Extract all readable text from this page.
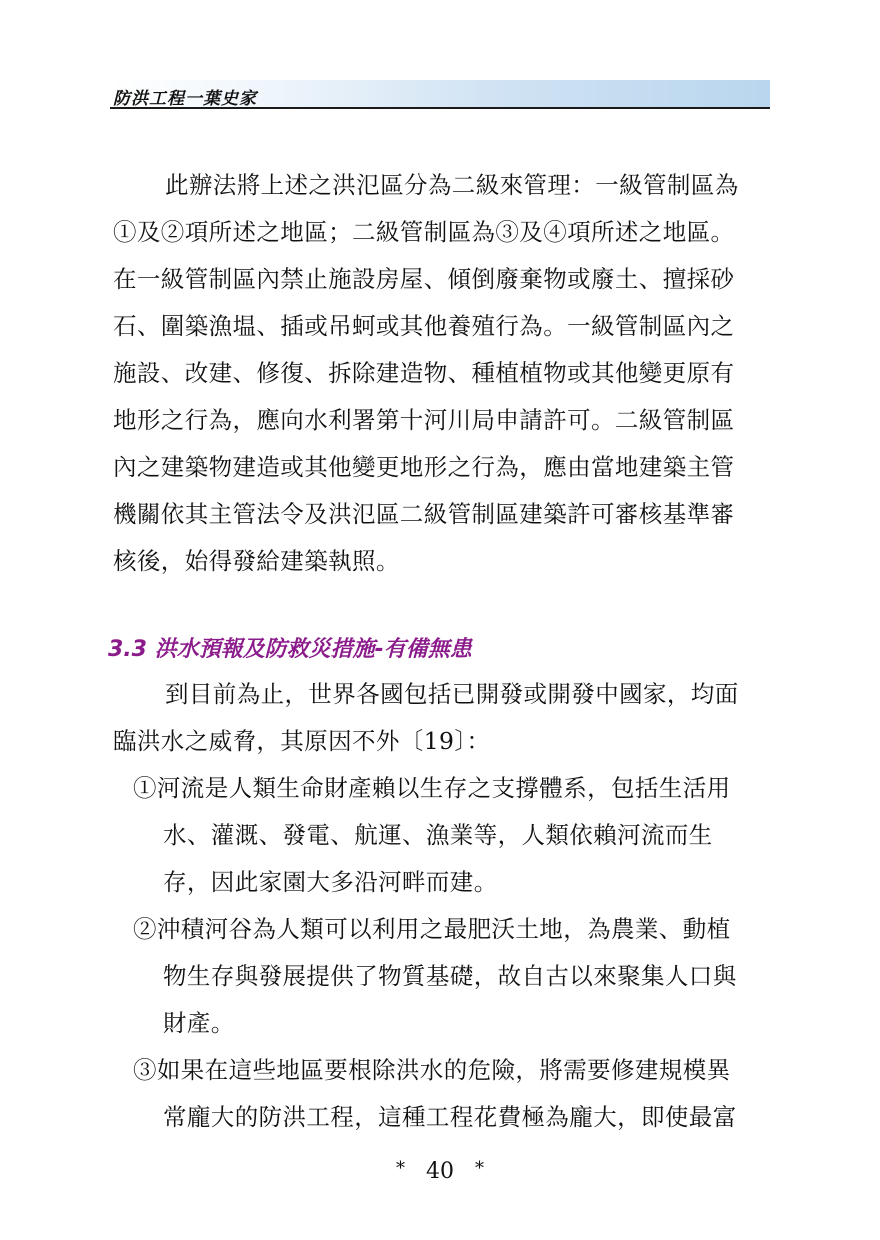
防洪工程一葉史家
此辦法將上述之洪氾區分為二級來管理：一級管制區為
①及②項所述之地區；二級管制區為③及④項所述之地區。
在一級管制區內禁止施設房屋、傾倒廢棄物或廢土、擅採砂
石、圍築漁塭、插或吊蚵或其他養殖行為。一級管制區內之
施設、改建、修復、拆除建造物、種植植物或其他變更原有
地形之行為，應向水利署第十河川局申請許可。二級管制區
內之建築物建造或其他變更地形之行為，應由當地建築主管
機關依其主管法令及洪氾區二級管制區建築許可審核基準審
核後，始得發給建築執照。
3.3 洪水預報及防救災措施-有備無患
到目前為止，世界各國包括已開發或開發中國家，均面
臨洪水之威脅，其原因不外〔19〕：
①河流是人類生命財產賴以生存之支撐體系，包括生活用
水、灌溉、發電、航運、漁業等，人類依賴河流而生
存，因此家園大多沿河畔而建。
②沖積河谷為人類可以利用之最肥沃土地，為農業、動植
物生存與發展提供了物質基礎，故自古以來聚集人口與
財產。
③如果在這些地區要根除洪水的危險，將需要修建規模異
常龐大的防洪工程，這種工程花費極為龐大，即使最富
* 40 *
